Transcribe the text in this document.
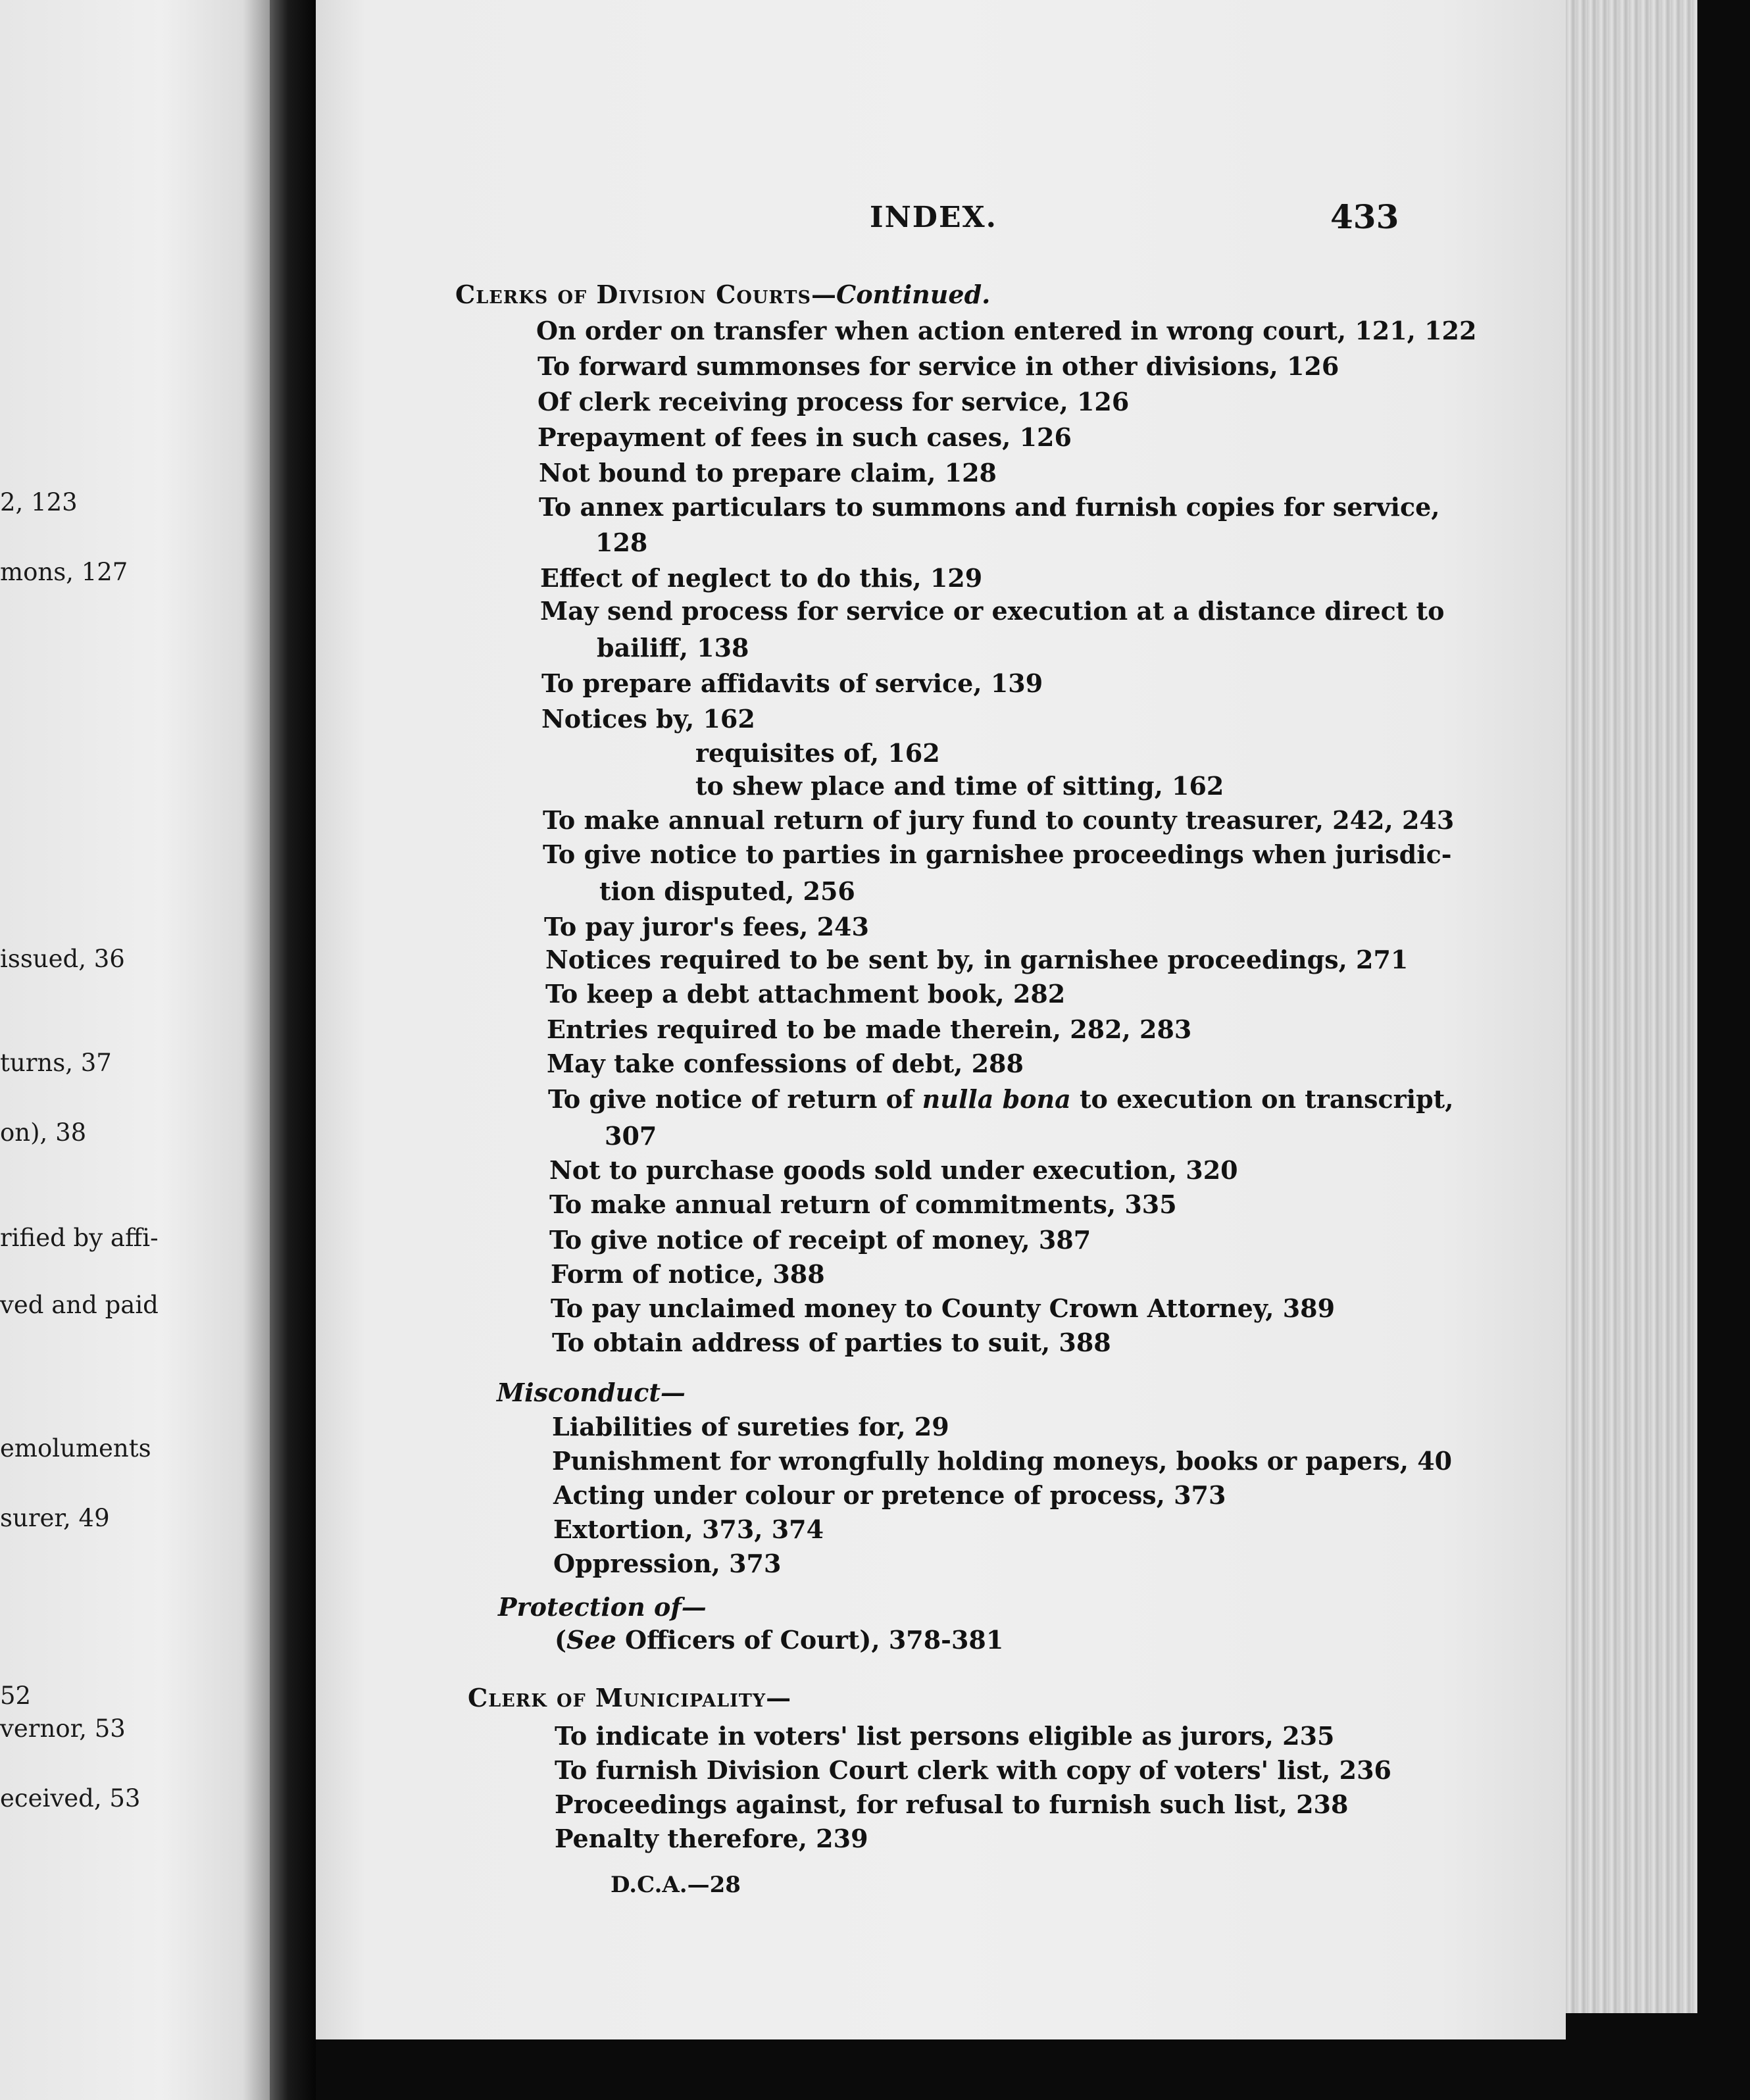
2, 123

mons, 127

issued, 36

turns, 37

on), 38

rified by affi-

ved and paid

emoluments

surer, 49

52

vernor, 53

eceived, 53

INDEX.	433

Clerks of Division Courts—Continued.

On order on transfer when action entered in wrong court, 121, 122

To forward summonses for service in other divisions, 126

Of clerk receiving process for service, 126

Prepayment of fees in such cases, 126

Not bound to prepare claim, 128

To annex particulars to summons and furnish copies for service,

128

Effect of neglect to do this, 129

May send process for service or execution at a distance direct to

bailiff, 138

To prepare affidavits of service, 139

Notices by, 162

requisites of, 162

to shew place and time of sitting, 162

To make annual return of jury fund to county treasurer, 242, 243

To give notice to parties in garnishee proceedings when jurisdic-

tion disputed, 256

To pay juror's fees, 243

Notices required to be sent by, in garnishee proceedings, 271

To keep a debt attachment book, 282

Entries required to be made therein, 282, 283

May take confessions of debt, 288

To give notice of return of nulla bona to execution on transcript,

307

Not to purchase goods sold under execution, 320

To make annual return of commitments, 335

To give notice of receipt of money, 387

Form of notice, 388

To pay unclaimed money to County Crown Attorney, 389

To obtain address of parties to suit, 388

Misconduct—

Liabilities of sureties for, 29

Punishment for wrongfully holding moneys, books or papers, 40

Acting under colour or pretence of process, 373

Extortion, 373, 374

Oppression, 373

Protection of—

(See Officers of Court), 378-381

Clerk of Municipality—

To indicate in voters' list persons eligible as jurors, 235

To furnish Division Court clerk with copy of voters' list, 236

Proceedings against, for refusal to furnish such list, 238

Penalty therefore, 239

D.C.A.—28
